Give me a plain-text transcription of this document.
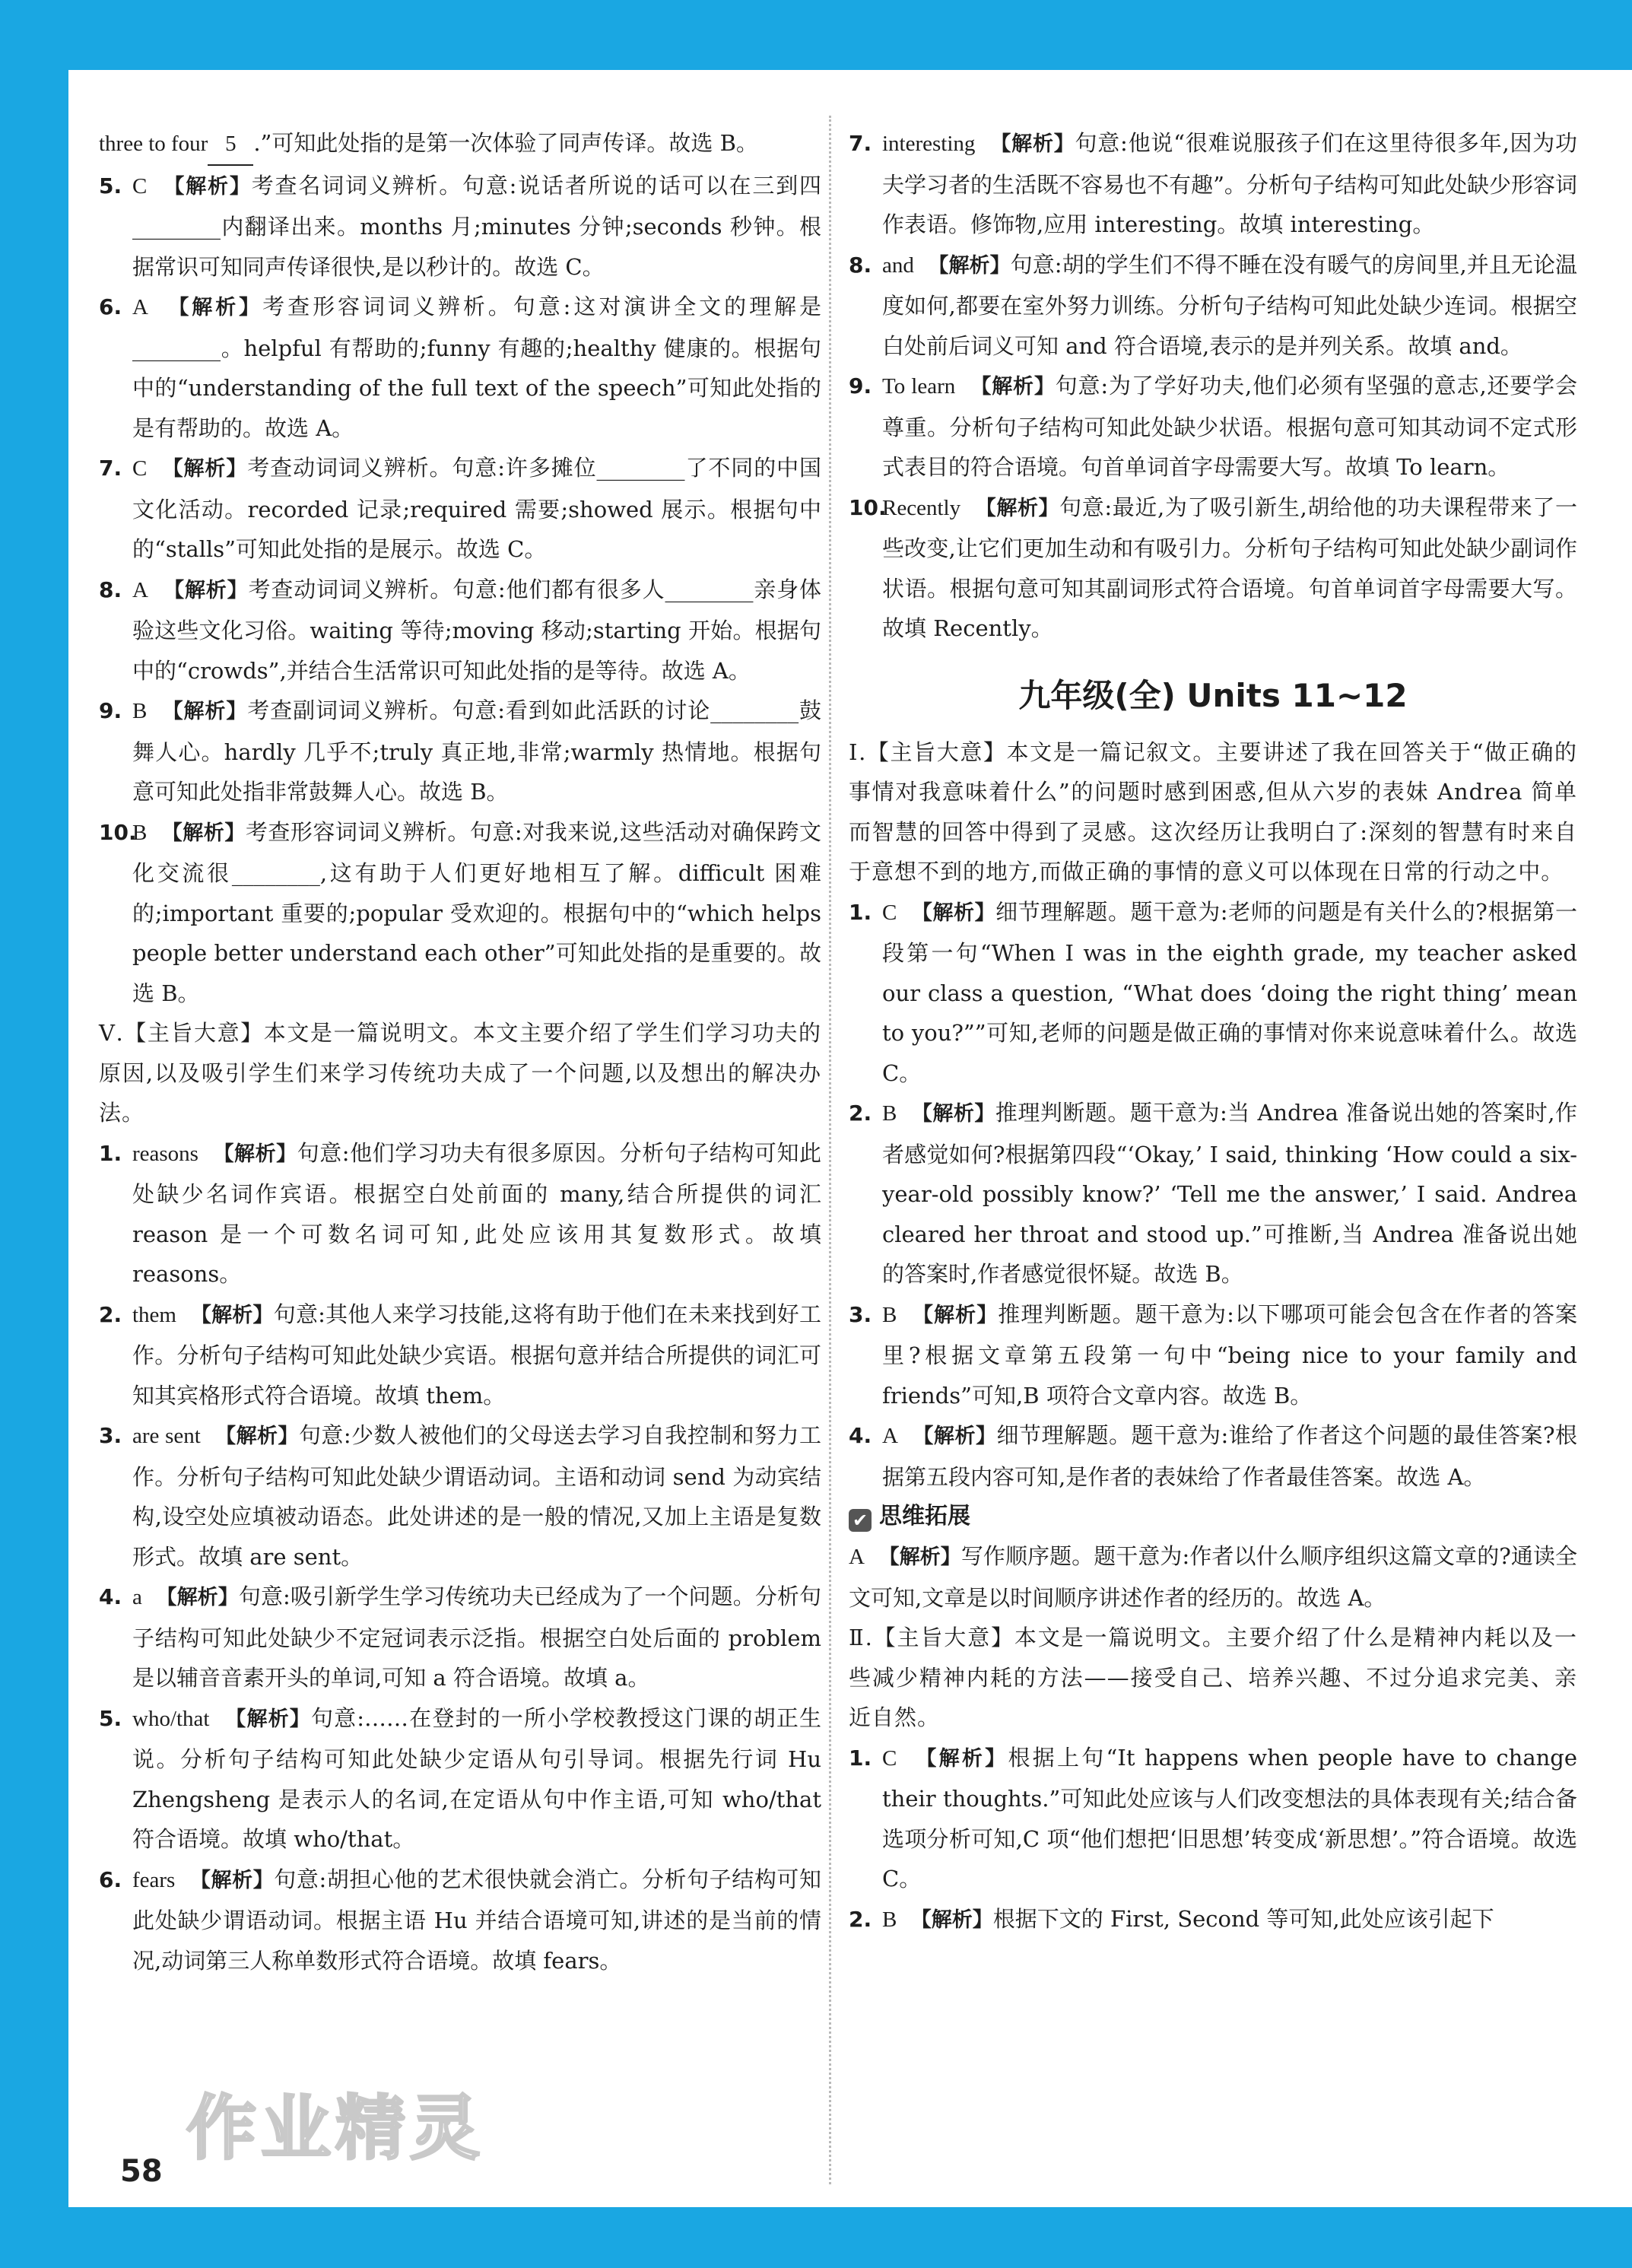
three to four 5 .”可知此处指的是第一次体验了同声传译。故选 B。

5. C 【解析】考查名词词义辨析。句意:说话者所说的话可以在三到四________内翻译出来。months 月;minutes 分钟;seconds 秒钟。根据常识可知同声传译很快,是以秒计的。故选 C。

6. A 【解析】考查形容词词义辨析。句意:这对演讲全文的理解是________。helpful 有帮助的;funny 有趣的;healthy 健康的。根据句中的“understanding of the full text of the speech”可知此处指的是有帮助的。故选 A。

7. C 【解析】考查动词词义辨析。句意:许多摊位________了不同的中国文化活动。recorded 记录;required 需要;showed 展示。根据句中的“stalls”可知此处指的是展示。故选 C。

8. A 【解析】考查动词词义辨析。句意:他们都有很多人________亲身体验这些文化习俗。waiting 等待;moving 移动;starting 开始。根据句中的“crowds”,并结合生活常识可知此处指的是等待。故选 A。

9. B 【解析】考查副词词义辨析。句意:看到如此活跃的讨论________鼓舞人心。hardly 几乎不;truly 真正地,非常;warmly 热情地。根据句意可知此处指非常鼓舞人心。故选 B。

10.B 【解析】考查形容词词义辨析。句意:对我来说,这些活动对确保跨文化交流很________,这有助于人们更好地相互了解。difficult 困难的;important 重要的;popular 受欢迎的。根据句中的“which helps people better understand each other”可知此处指的是重要的。故选 B。

Ⅴ.【主旨大意】本文是一篇说明文。本文主要介绍了学生们学习功夫的原因,以及吸引学生们来学习传统功夫成了一个问题,以及想出的解决办法。

1. reasons 【解析】句意:他们学习功夫有很多原因。分析句子结构可知此处缺少名词作宾语。根据空白处前面的 many,结合所提供的词汇 reason 是一个可数名词可知,此处应该用其复数形式。故填 reasons。

2. them 【解析】句意:其他人来学习技能,这将有助于他们在未来找到好工作。分析句子结构可知此处缺少宾语。根据句意并结合所提供的词汇可知其宾格形式符合语境。故填 them。

3. are sent 【解析】句意:少数人被他们的父母送去学习自我控制和努力工作。分析句子结构可知此处缺少谓语动词。主语和动词 send 为动宾结构,设空处应填被动语态。此处讲述的是一般的情况,又加上主语是复数形式。故填 are sent。

4. a 【解析】句意:吸引新学生学习传统功夫已经成为了一个问题。分析句子结构可知此处缺少不定冠词表示泛指。根据空白处后面的 problem 是以辅音音素开头的单词,可知 a 符合语境。故填 a。

5. who/that 【解析】句意:……在登封的一所小学校教授这门课的胡正生说。分析句子结构可知此处缺少定语从句引导词。根据先行词 Hu Zhengsheng 是表示人的名词,在定语从句中作主语,可知 who/that 符合语境。故填 who/that。

6. fears 【解析】句意:胡担心他的艺术很快就会消亡。分析句子结构可知此处缺少谓语动词。根据主语 Hu 并结合语境可知,讲述的是当前的情况,动词第三人称单数形式符合语境。故填 fears。

7. interesting 【解析】句意:他说“很难说服孩子们在这里待很多年,因为功夫学习者的生活既不容易也不有趣”。分析句子结构可知此处缺少形容词作表语。修饰物,应用 interesting。故填 interesting。

8. and 【解析】句意:胡的学生们不得不睡在没有暖气的房间里,并且无论温度如何,都要在室外努力训练。分析句子结构可知此处缺少连词。根据空白处前后词义可知 and 符合语境,表示的是并列关系。故填 and。

9. To learn 【解析】句意:为了学好功夫,他们必须有坚强的意志,还要学会尊重。分析句子结构可知此处缺少状语。根据句意可知其动词不定式形式表目的符合语境。句首单词首字母需要大写。故填 To learn。

10.Recently 【解析】句意:最近,为了吸引新生,胡给他的功夫课程带来了一些改变,让它们更加生动和有吸引力。分析句子结构可知此处缺少副词作状语。根据句意可知其副词形式符合语境。句首单词首字母需要大写。故填 Recently。

九年级(全) Units 11~12

Ⅰ.【主旨大意】本文是一篇记叙文。主要讲述了我在回答关于“做正确的事情对我意味着什么”的问题时感到困惑,但从六岁的表妹 Andrea 简单而智慧的回答中得到了灵感。这次经历让我明白了:深刻的智慧有时来自于意想不到的地方,而做正确的事情的意义可以体现在日常的行动之中。

1. C 【解析】细节理解题。题干意为:老师的问题是有关什么的?根据第一段第一句“When I was in the eighth grade, my teacher asked our class a question, “What does ‘doing the right thing’ mean to you?””可知,老师的问题是做正确的事情对你来说意味着什么。故选 C。

2. B 【解析】推理判断题。题干意为:当 Andrea 准备说出她的答案时,作者感觉如何?根据第四段“‘Okay,’ I said, thinking ‘How could a six-year-old possibly know?’ ‘Tell me the answer,’ I said. Andrea cleared her throat and stood up.”可推断,当 Andrea 准备说出她的答案时,作者感觉很怀疑。故选 B。

3. B 【解析】推理判断题。题干意为:以下哪项可能会包含在作者的答案里?根据文章第五段第一句中“being nice to your family and friends”可知,B 项符合文章内容。故选 B。

4. A 【解析】细节理解题。题干意为:谁给了作者这个问题的最佳答案?根据第五段内容可知,是作者的表妹给了作者最佳答案。故选 A。

✔ 思维拓展

A 【解析】写作顺序题。题干意为:作者以什么顺序组织这篇文章的?通读全文可知,文章是以时间顺序讲述作者的经历的。故选 A。

Ⅱ.【主旨大意】本文是一篇说明文。主要介绍了什么是精神内耗以及一些减少精神内耗的方法——接受自己、培养兴趣、不过分追求完美、亲近自然。

1. C 【解析】根据上句“It happens when people have to change their thoughts.”可知此处应该与人们改变想法的具体表现有关;结合备选项分析可知,C 项“他们想把‘旧思想’转变成‘新思想’。”符合语境。故选 C。

2. B 【解析】根据下文的 First, Second 等可知,此处应该引起下

58
作业精灵
